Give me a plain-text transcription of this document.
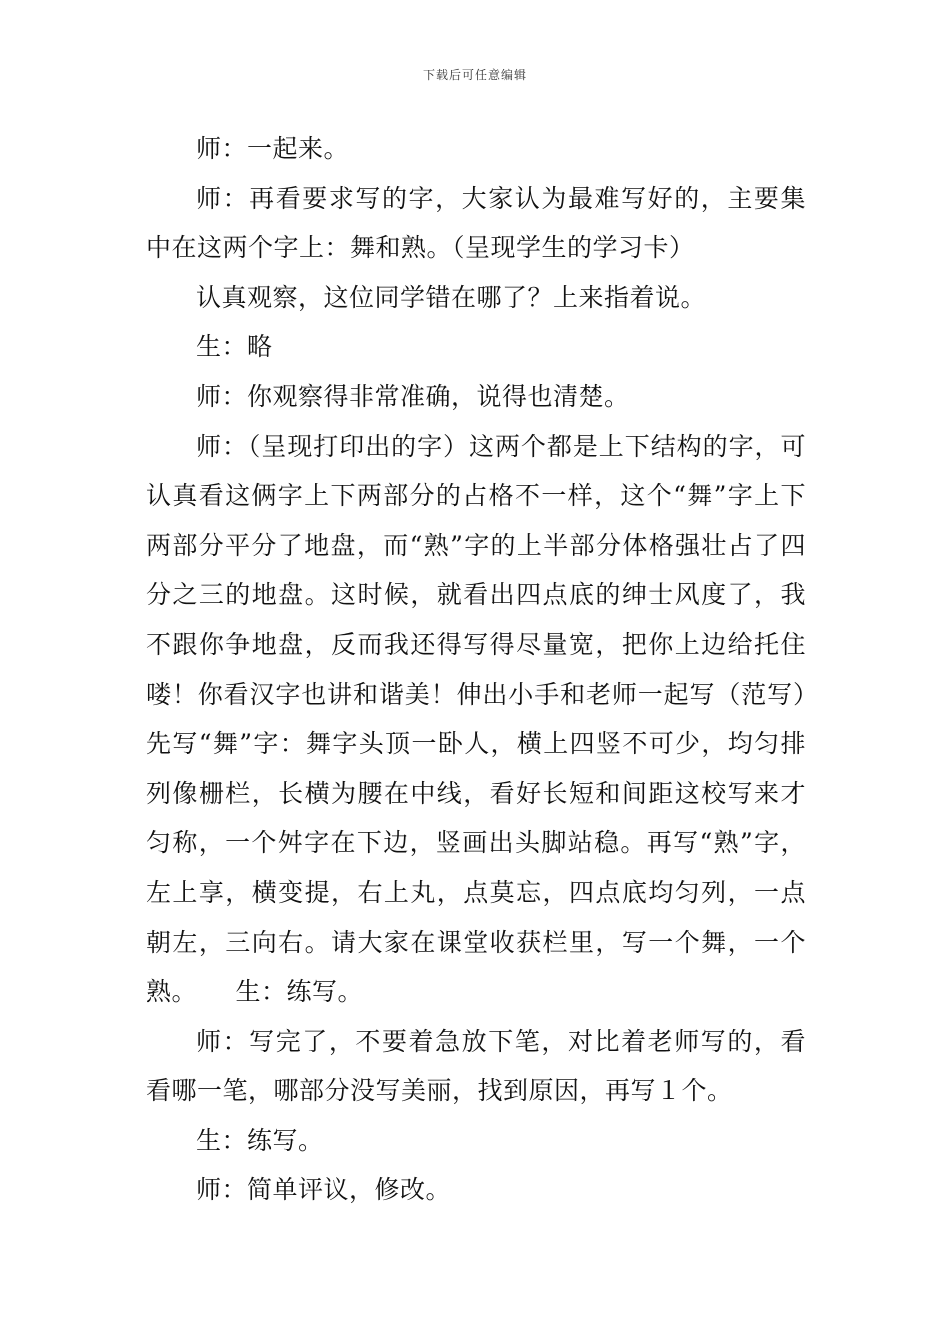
下载后可任意编辑

师：一起来。

师：再看要求写的字，大家认为最难写好的，主要集中在这两个字上：舞和熟。（呈现学生的学习卡）

认真观察，这位同学错在哪了？上来指着说。

生：略

师：你观察得非常准确，说得也清楚。

师：（呈现打印出的字）这两个都是上下结构的字，可认真看这俩字上下两部分的占格不一样，这个“舞”字上下两部分平分了地盘，而“熟”字的上半部分体格强壮占了四分之三的地盘。这时候，就看出四点底的绅士风度了，我不跟你争地盘，反而我还得写得尽量宽，把你上边给托住喽！你看汉字也讲和谐美！伸出小手和老师一起写（范写）先写“舞”字：舞字头顶一卧人，横上四竖不可少，均匀排列像栅栏，长横为腰在中线，看好长短和间距这校写来才匀称，一个舛字在下边，竖画出头脚站稳。再写“熟”字，左上享，横变提，右上丸，点莫忘，四点底均匀列，一点朝左，三向右。请大家在课堂收获栏里，写一个舞，一个熟。　　生：练写。

师：写完了，不要着急放下笔，对比着老师写的，看看哪一笔，哪部分没写美丽，找到原因，再写１个。

生：练写。

师：简单评议，修改。
